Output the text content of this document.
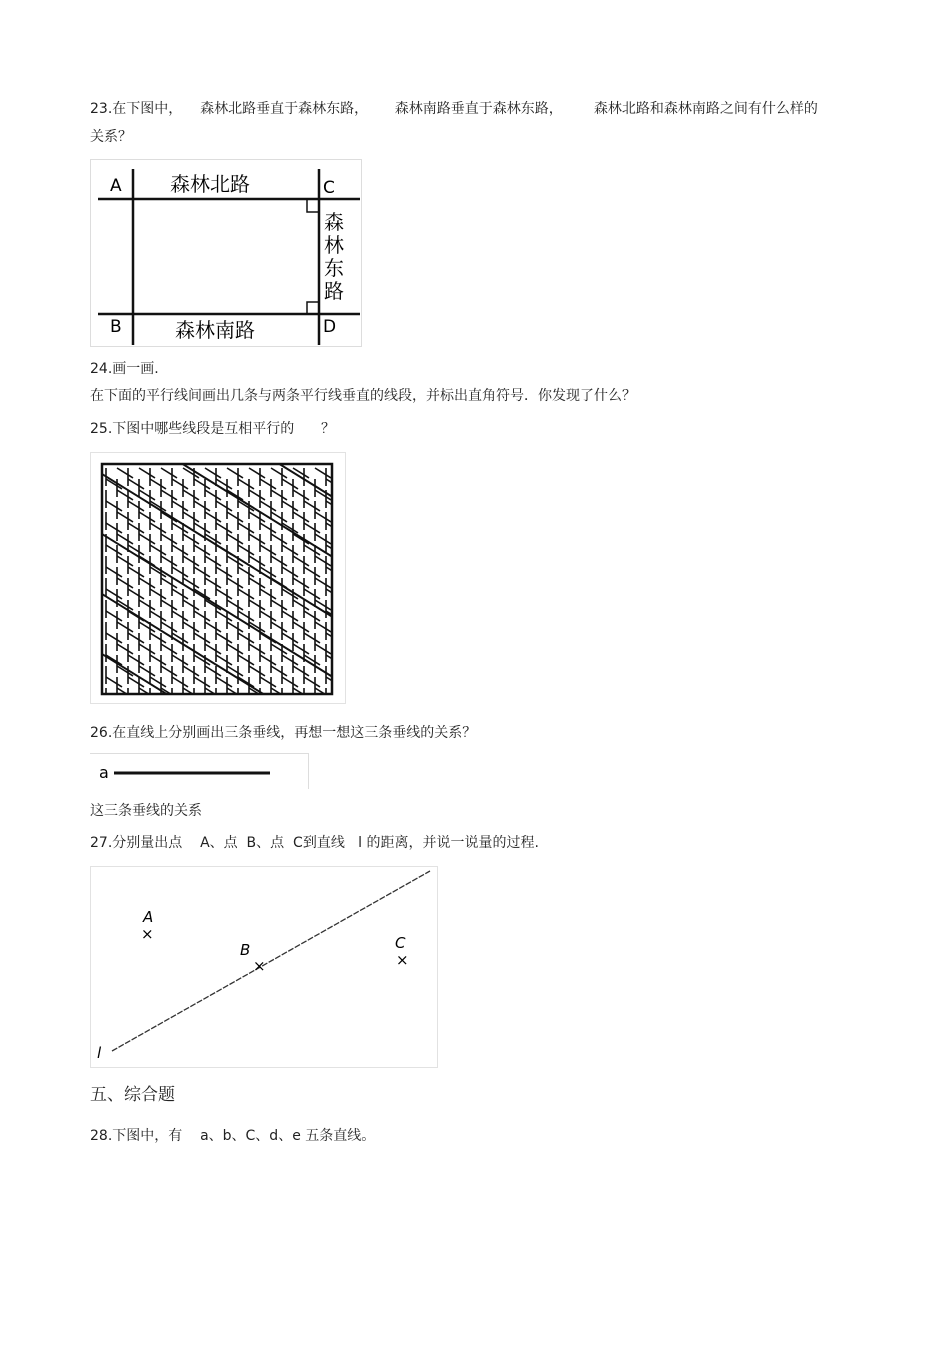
23.在下图中，    森林北路垂直于森林东路，      森林南路垂直于森林东路，       森林北路和森林南路之间有什么样的
关系？
A	C
B	D
森林北路
森林南路
森
林
东
路
24.画一画.
在下面的平行线间画出几条与两条平行线垂直的线段，并标出直角符号．你发现了什么？
25.下图中哪些线段是互相平行的      ？
26.在直线上分别画出三条垂线，再想一想这三条垂线的关系？
a
这三条垂线的关系
27.分别量出点    A、点  B、点  C到直线   l 的距离，并说一说量的过程.
A
×
B
×
C
×
l
五、综合题
28.下图中，有    a、b、C、d、e 五条直线。
